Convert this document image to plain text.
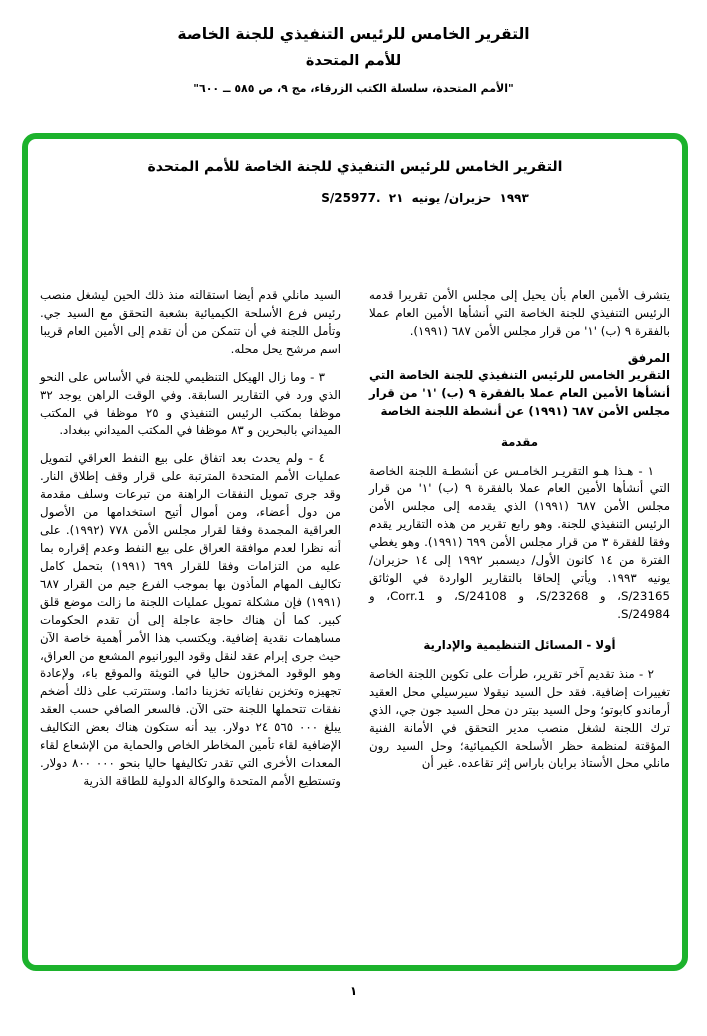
التقرير الخامس للرئيس التنفيذي للجنة الخاصة
للأمم المتحدة
"الأمم المتحدة، سلسلة الكتب الزرقاء، مج ٩، ص ٥٨٥ ــ ٦٠٠"
التقرير الخامس للرئيس التنفيذي للجنة الخاصة للأمم المتحدة
S/25977. ٢١ حزيران/ يونيه ١٩٩٣

يتشرف الأمين العام بأن يحيل إلى مجلس الأمن تقريرا قدمه الرئيس التنفيذي للجنة الخاصة التي أنشأها الأمين العام عملا بالفقرة ٩ (ب) '١' من قرار مجلس الأمن ٦٨٧ (١٩٩١).

المرفق

التقرير الخامس للرئيس التنفيذي للجنة الخاصة التي أنشأها الأمين العام عملا بالفقرة ٩ (ب) '١' من قرار مجلس الأمن ٦٨٧ (١٩٩١) عن أنشطة اللجنة الخاصة

مقدمة

١ - هـذا هـو التقريـر الخامـس عن أنشطـة اللجنة الخاصة التي أنشأها الأمين العام عملا بالفقرة ٩ (ب) '١' من قرار مجلس الأمن ٦٨٧ (١٩٩١) الذي يقدمه إلى مجلس الأمن الرئيس التنفيذي للجنة. وهو رابع تقرير من هذه التقارير يقدم وفقا للفقرة ٣ من قرار مجلس الأمن ٦٩٩ (١٩٩١). وهو يغطي الفترة من ١٤ كانون الأول/ ديسمبر ١٩٩٢ إلى ١٤ حزيران/ يونيه ١٩٩٣. ويأتي إلحاقا بالتقارير الواردة في الوثائق S/23165، و S/23268، و S/24108، و Corr.1، و S/24984.

أولا - المسائل التنظيمية والإدارية

٢ - منذ تقديم آخر تقرير، طرأت على تكوين اللجنة الخاصة تغييرات إضافية. فقد حل السيد نيقولا سيرسيلي محل العقيد أرماندو كابوتو؛ وحل السيد بيتر دن محل السيد جون جي، الذي ترك اللجنة لشغل منصب مدير التحقق في الأمانة الفنية المؤقتة لمنظمة حظر الأسلحة الكيميائية؛ وحل السيد رون مانلي محل الأستاذ برايان باراس إثر تقاعده. غير أن

السيد مانلي قدم أيضا استقالته منذ ذلك الحين ليشغل منصب رئيس فرع الأسلحة الكيميائية بشعبة التحقق مع السيد جي. وتأمل اللجنة في أن تتمكن من أن تقدم إلى الأمين العام قريبا اسم مرشح يحل محله.

٣ - وما زال الهيكل التنظيمي للجنة في الأساس على النحو الذي ورد في التقارير السابقة. وفي الوقت الراهن يوجد ٣٢ موظفا بمكتب الرئيس التنفيذي و ٢٥ موظفا في المكتب الميداني بالبحرين و ٨٣ موظفا في المكتب الميداني ببغداد.

٤ - ولم يحدث بعد اتفاق على بيع النفط العراقي لتمويل عمليات الأمم المتحدة المترتبة على قرار وقف إطلاق النار. وقد جرى تمويل النفقات الراهنة من تبرعات وسلف مقدمة من دول أعضاء، ومن أموال أتيح استخدامها من الأصول العراقية المجمدة وفقا لقرار مجلس الأمن ٧٧٨ (١٩٩٢). على أنه نظرا لعدم موافقة العراق على بيع النفط وعدم إقراره بما عليه من التزامات وفقا للقرار ٦٩٩ (١٩٩١) بتحمل كامل تكاليف المهام المأذون بها بموجب الفرع جيم من القرار ٦٨٧ (١٩٩١) فإن مشكلة تمويل عمليات اللجنة ما زالت موضع قلق كبير. كما أن هناك حاجة عاجلة إلى أن تقدم الحكومات مساهمات نقدية إضافية. ويكتسب هذا الأمر أهمية خاصة الآن حيث جرى إبرام عقد لنقل وقود اليورانيوم المشعع من العراق، وهو الوقود المخزون حاليا في التويثة والموقع باء، ولإعادة تجهيزه وتخزين نفاياته تخزينا دائما. وستترتب على ذلك أضخم نفقات تتحملها اللجنة حتى الآن. فالسعر الصافي حسب العقد يبلغ ٢٤ ٥٦٥ ٠٠٠ دولار. بيد أنه ستكون هناك بعض التكاليف الإضافية لقاء تأمين المخاطر الخاص والحماية من الإشعاع لقاء المعدات الأخرى التي تقدر تكاليفها حاليا بنحو ٨٠٠ ٠٠٠ دولار. وتستطيع الأمم المتحدة والوكالة الدولية للطاقة الذرية

١
